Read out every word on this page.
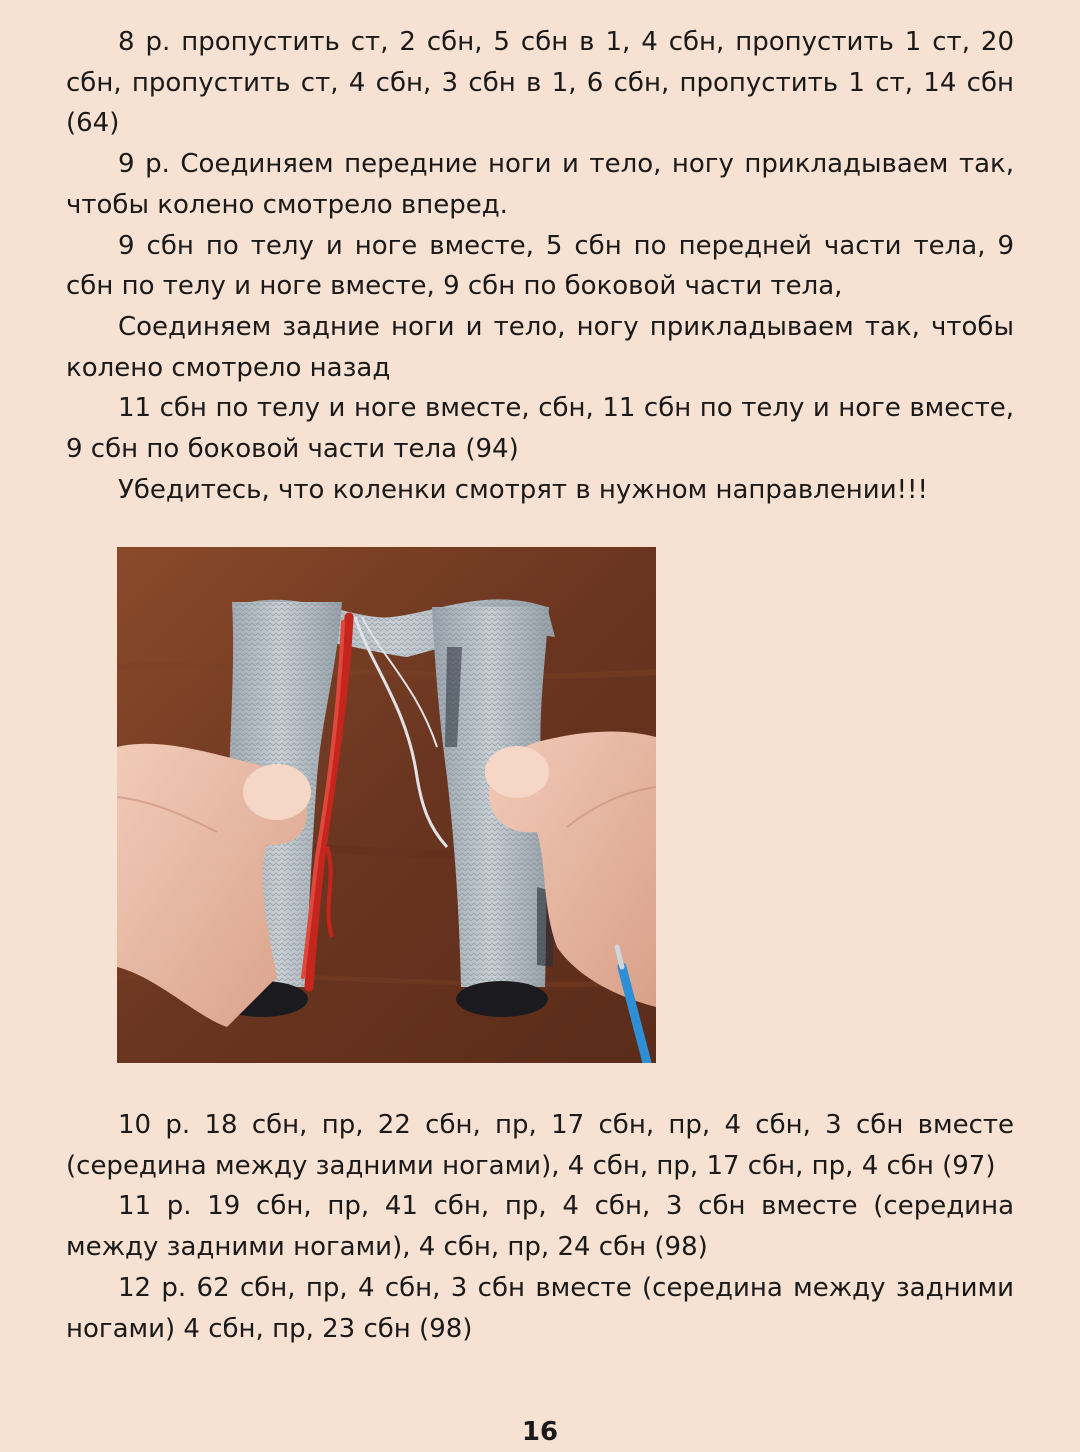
8 р. пропустить ст, 2 сбн, 5 сбн в 1, 4 сбн, пропустить 1 ст, 20 сбн, пропустить ст, 4 сбн, 3 сбн в 1, 6 сбн, пропустить 1 ст, 14 сбн (64)

9 р. Соединяем передние ноги и тело, ногу прикладываем так, чтобы колено смотрело вперед.

9 сбн по телу и ноге вместе, 5 сбн по передней части тела, 9 сбн по телу и ноге вместе, 9 сбн по боковой части тела,

Соединяем задние ноги и тело, ногу прикладываем так, чтобы колено смотрело назад

11 сбн по телу и ноге вместе, сбн, 11 сбн по телу и ноге вместе, 9 сбн по боковой части тела (94)

Убедитесь, что коленки смотрят в нужном направлении!!!

10 р. 18 сбн, пр, 22 сбн, пр, 17 сбн, пр, 4 сбн, 3 сбн вместе (середина между задними ногами), 4 сбн, пр, 17 сбн, пр, 4 сбн (97)

11 р. 19 сбн, пр, 41 сбн, пр, 4 сбн, 3 сбн вместе (середина между задними ногами), 4 сбн, пр, 24 сбн (98)

12 р. 62 сбн, пр, 4 сбн, 3 сбн вместе (середина между задними ногами) 4 сбн, пр, 23 сбн (98)

16
